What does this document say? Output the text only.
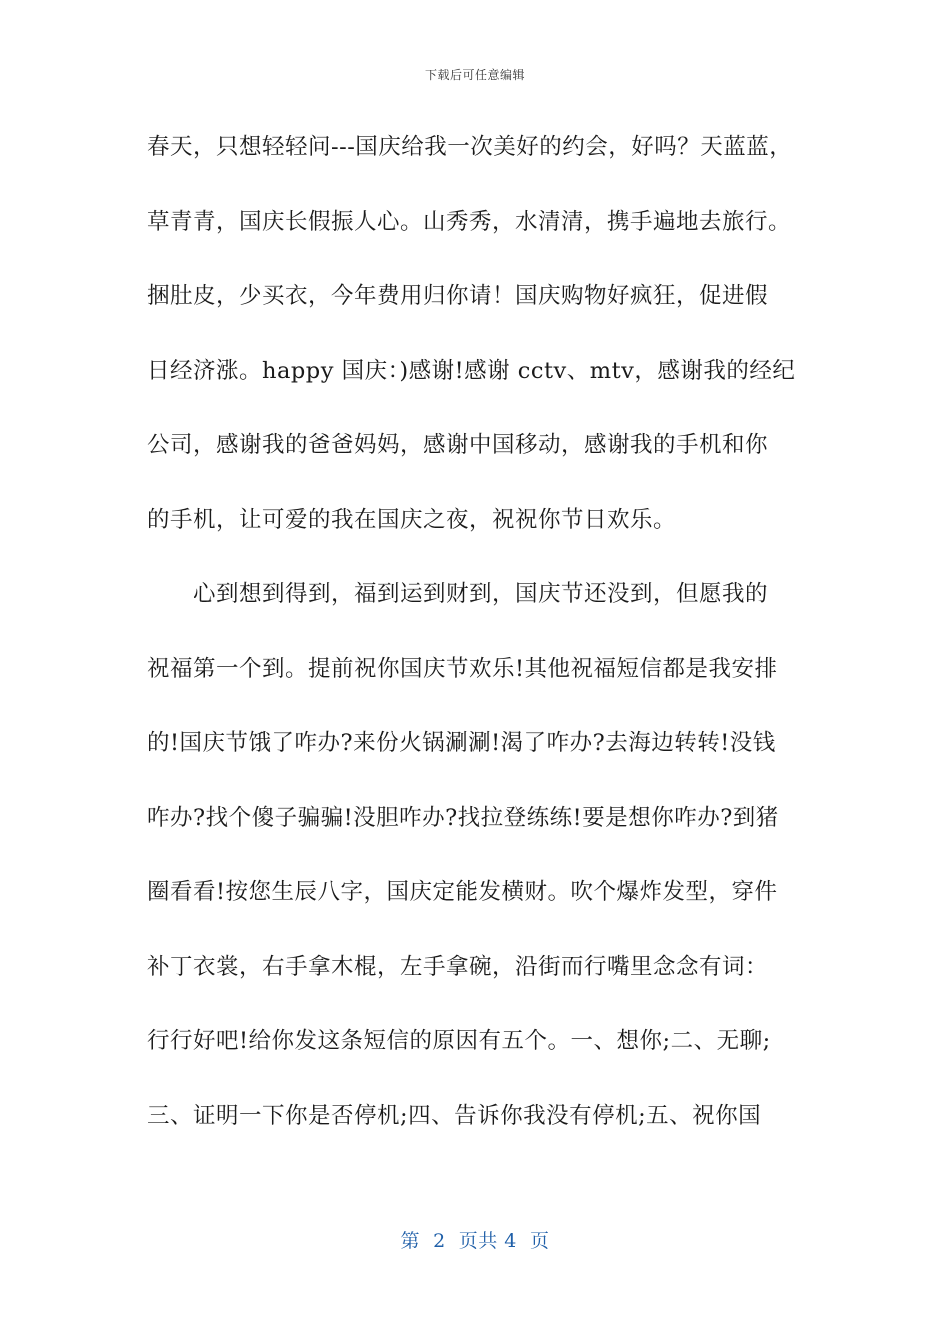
下载后可任意编辑
春天，只想轻轻问---国庆给我一次美好的约会，好吗？天蓝蓝，
草青青，国庆长假振人心。山秀秀，水清清，携手遍地去旅行。
捆肚皮，少买衣，今年费用归你请！国庆购物好疯狂，促进假
日经济涨。happy 国庆：)感谢!感谢 cctv、mtv，感谢我的经纪
公司，感谢我的爸爸妈妈，感谢中国移动，感谢我的手机和你
的手机，让可爱的我在国庆之夜，祝祝你节日欢乐。
心到想到得到，福到运到财到，国庆节还没到，但愿我的
祝福第一个到。提前祝你国庆节欢乐!其他祝福短信都是我安排
的!国庆节饿了咋办?来份火锅涮涮!渴了咋办?去海边转转!没钱
咋办?找个傻子骗骗!没胆咋办?找拉登练练!要是想你咋办?到猪
圈看看!按您生辰八字，国庆定能发横财。吹个爆炸发型，穿件
补丁衣裳，右手拿木棍，左手拿碗，沿街而行嘴里念念有词：
行行好吧!给你发这条短信的原因有五个。一、想你;二、无聊;
三、证明一下你是否停机;四、告诉你我没有停机;五、祝你国
第  2  页共 4  页
